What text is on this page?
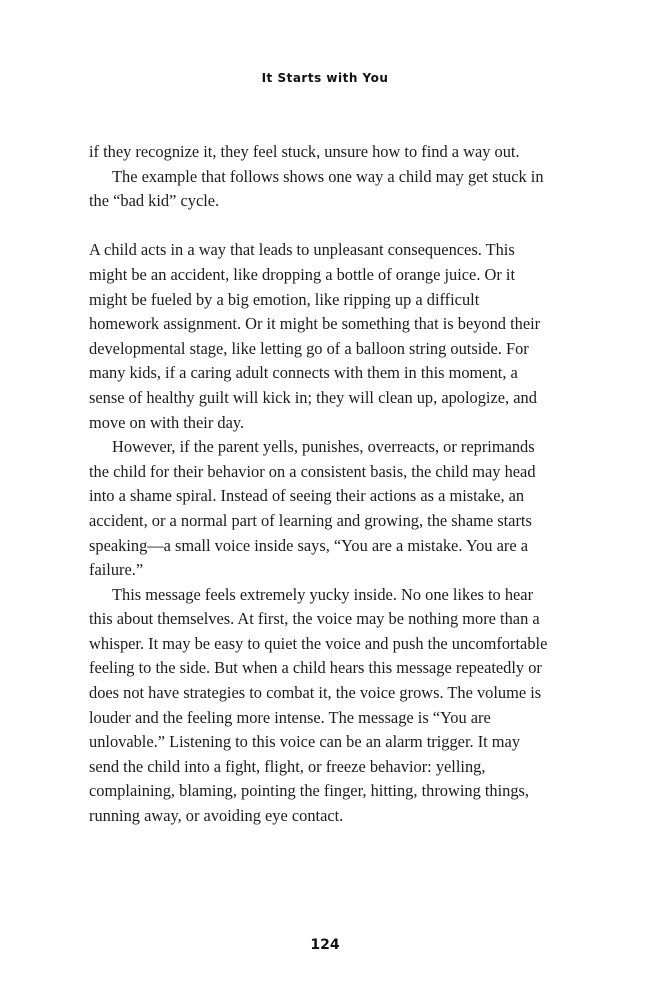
It Starts with You

if they recognize it, they feel stuck, unsure how to find a way out.

The example that follows shows one way a child may get stuck in the “bad kid” cycle.

A child acts in a way that leads to unpleasant consequences. This might be an accident, like dropping a bottle of orange juice. Or it might be fueled by a big emotion, like ripping up a difficult homework assignment. Or it might be something that is beyond their developmental stage, like letting go of a balloon string outside. For many kids, if a caring adult connects with them in this moment, a sense of healthy guilt will kick in; they will clean up, apologize, and move on with their day.

However, if the parent yells, punishes, overreacts, or reprimands the child for their behavior on a consistent basis, the child may head into a shame spiral. Instead of seeing their actions as a mistake, an accident, or a normal part of learning and growing, the shame starts speaking—a small voice inside says, “You are a mistake. You are a failure.”

This message feels extremely yucky inside. No one likes to hear this about themselves. At first, the voice may be nothing more than a whisper. It may be easy to quiet the voice and push the uncomfortable feeling to the side. But when a child hears this message repeatedly or does not have strategies to combat it, the voice grows. The volume is louder and the feeling more intense. The message is “You are unlovable.” Listening to this voice can be an alarm trigger. It may send the child into a fight, flight, or freeze behavior: yelling, complaining, blaming, pointing the finger, hitting, throwing things, running away, or avoiding eye contact.

124
